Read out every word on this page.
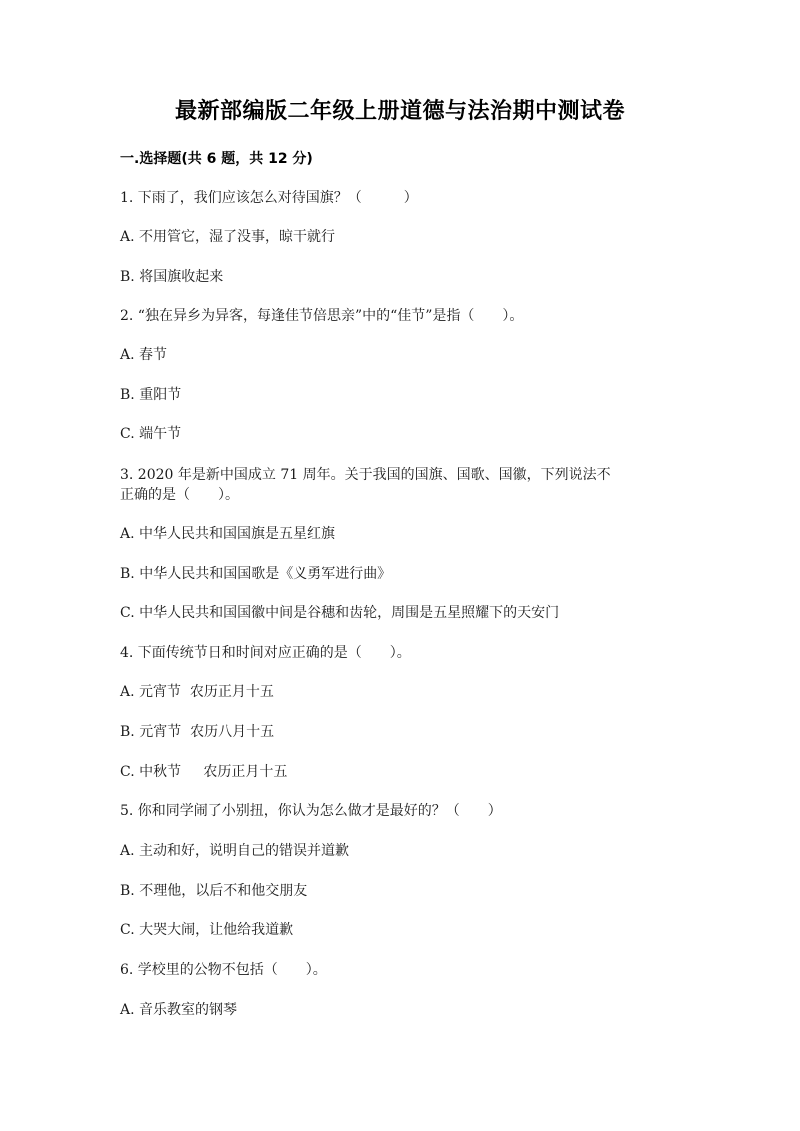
最新部编版二年级上册道德与法治期中测试卷
一.选择题(共 6 题，共 12 分)
1. 下雨了，我们应该怎么对待国旗？（　　　）
A. 不用管它，湿了没事，晾干就行
B. 将国旗收起来
2. “独在异乡为异客，每逢佳节倍思亲”中的“佳节”是指（　　）。
A. 春节
B. 重阳节
C. 端午节
3. 2020 年是新中国成立 71 周年。关于我国的国旗、国歌、国徽，下列说法不
正确的是（　　）。
A. 中华人民共和国国旗是五星红旗
B. 中华人民共和国国歌是《义勇军进行曲》
C. 中华人民共和国国徽中间是谷穗和齿轮，周围是五星照耀下的天安门
4. 下面传统节日和时间对应正确的是（　　）。
A. 元宵节  农历正月十五
B. 元宵节  农历八月十五
C. 中秋节     农历正月十五
5. 你和同学闹了小别扭，你认为怎么做才是最好的？（　　）
A. 主动和好，说明自己的错误并道歉
B. 不理他，以后不和他交朋友
C. 大哭大闹，让他给我道歉
6. 学校里的公物不包括（　　）。
A. 音乐教室的钢琴
